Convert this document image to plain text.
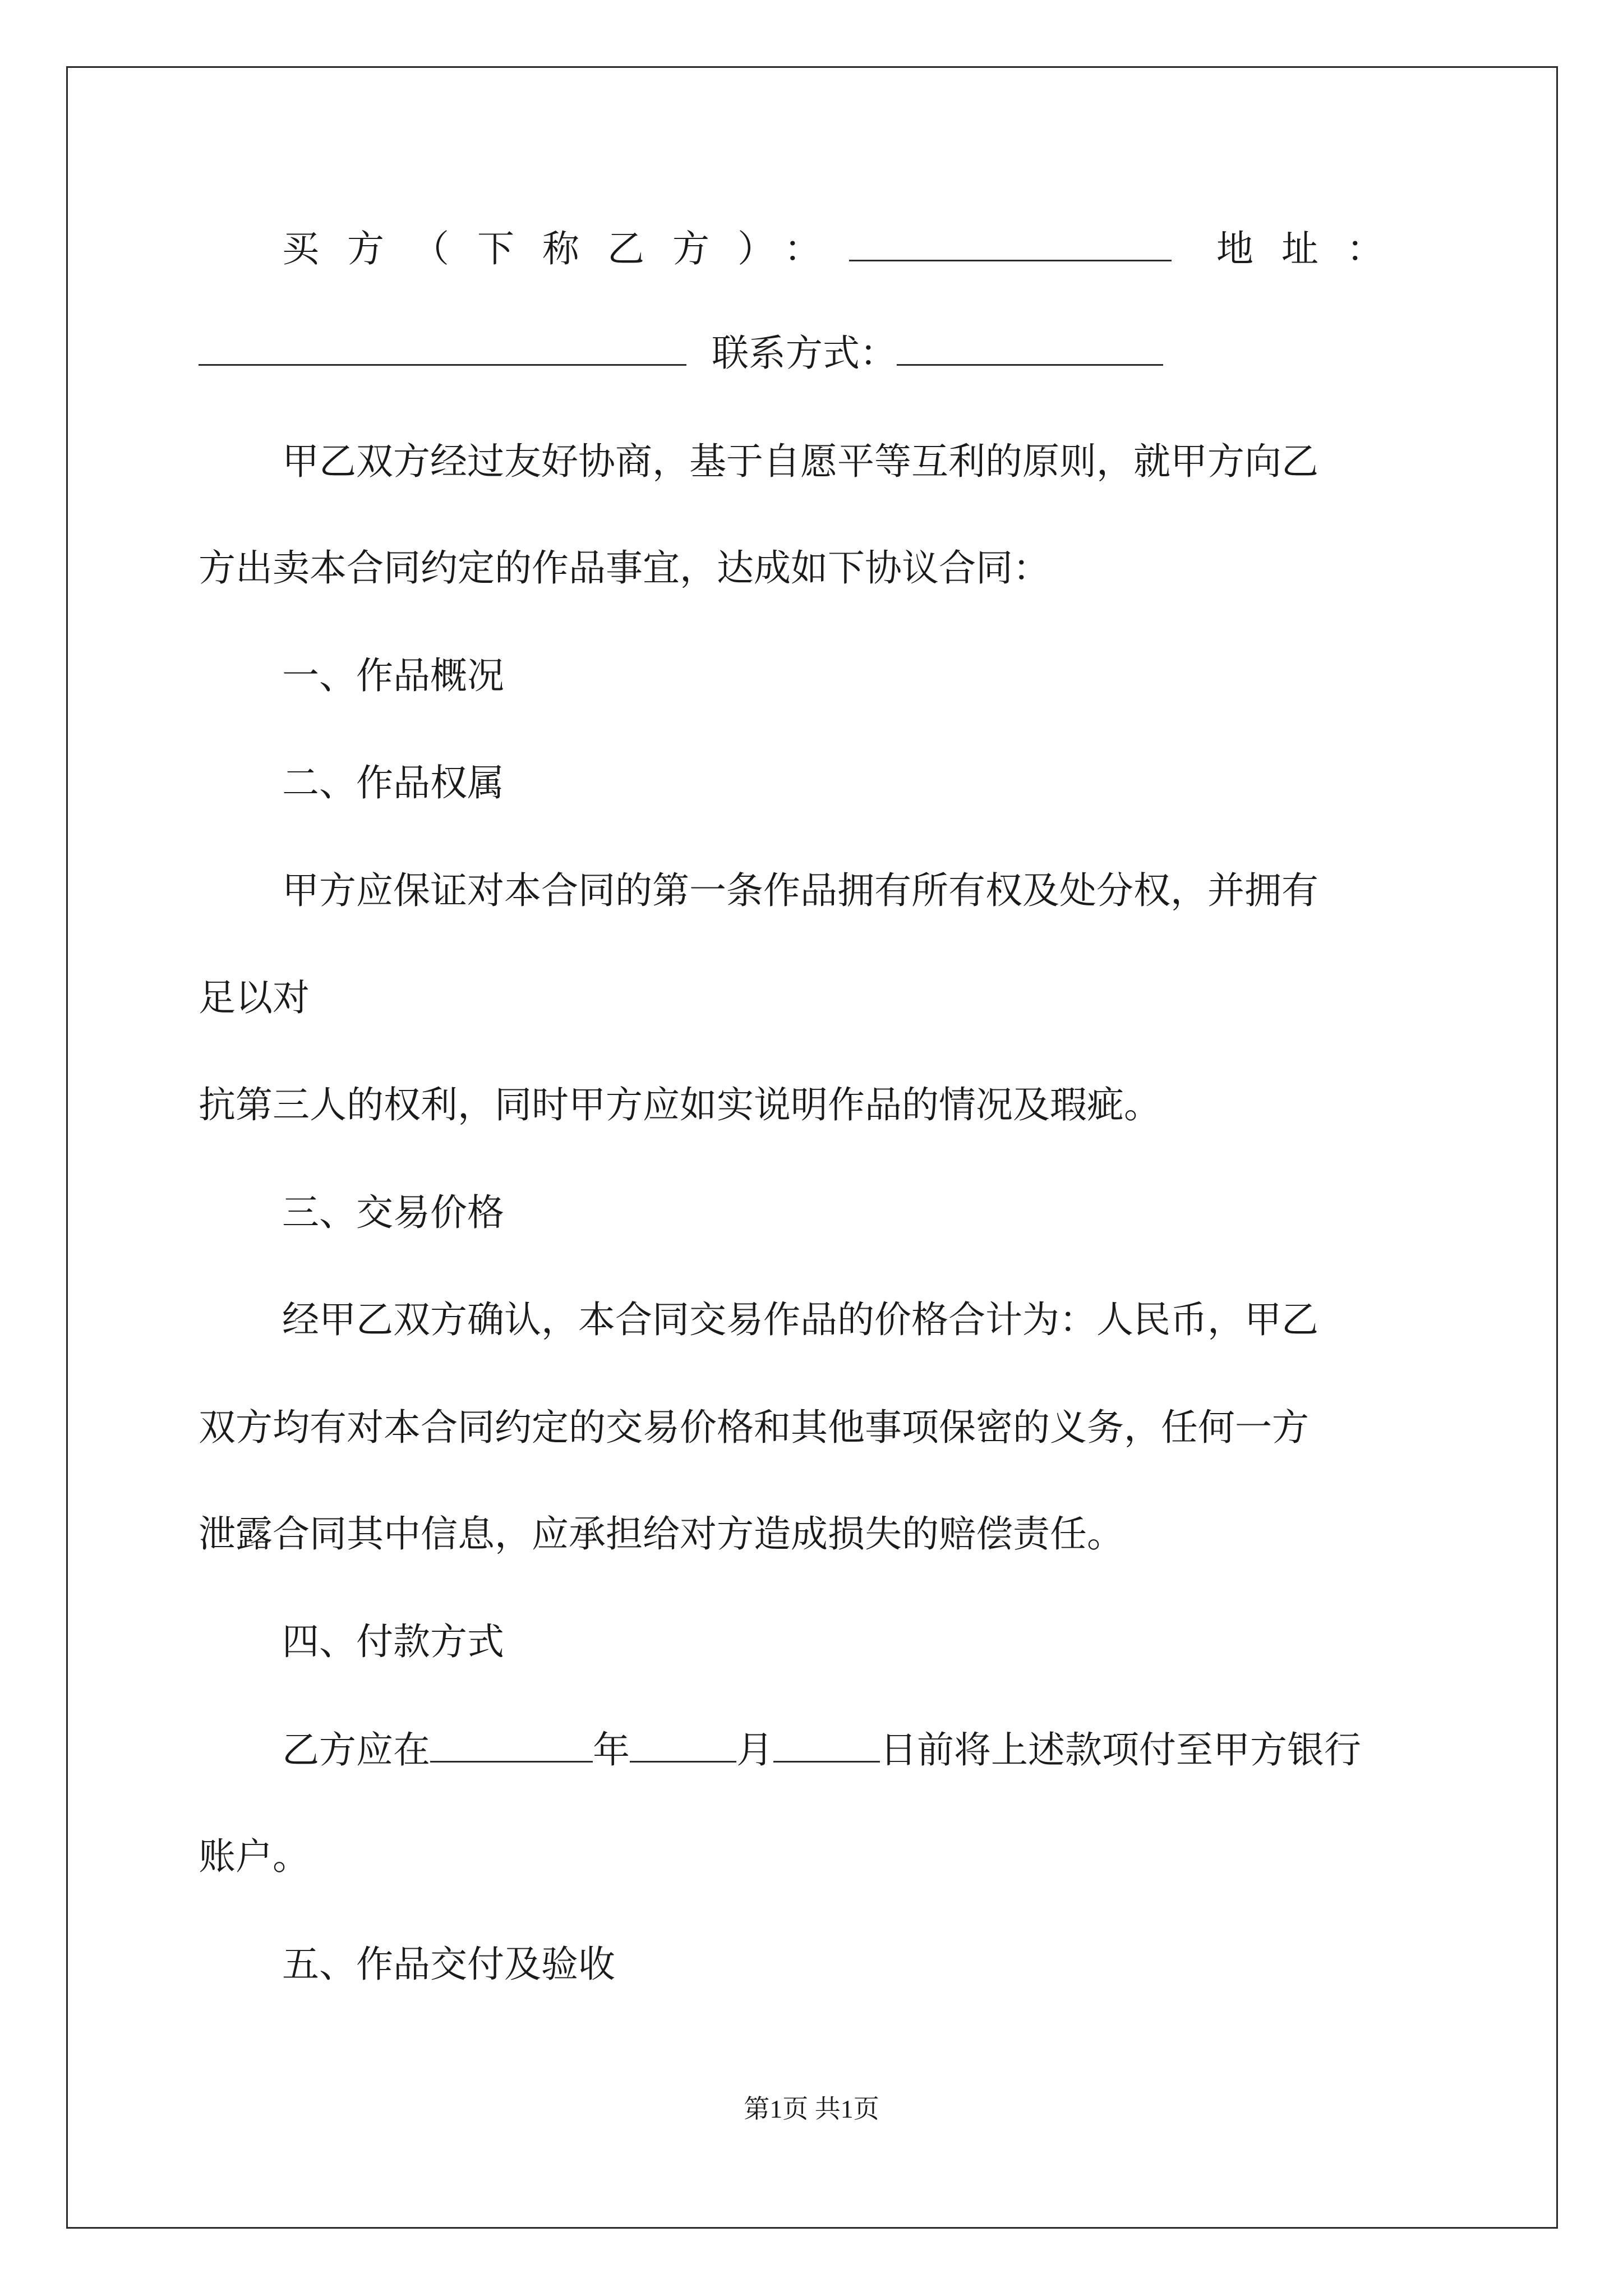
买方（下称乙方）：	地址：
联系方式：
甲乙双方经过友好协商，基于自愿平等互利的原则，就甲方向乙
方出卖本合同约定的作品事宜，达成如下协议合同：
一、作品概况
二、作品权属
甲方应保证对本合同的第一条作品拥有所有权及处分权，并拥有
足以对
抗第三人的权利，同时甲方应如实说明作品的情况及瑕疵。
三、交易价格
经甲乙双方确认，本合同交易作品的价格合计为：人民币，甲乙
双方均有对本合同约定的交易价格和其他事项保密的义务，任何一方
泄露合同其中信息，应承担给对方造成损失的赔偿责任。
四、付款方式
乙方应在	年	月	日前将上述款项付至甲方银行
账户。
五、作品交付及验收
第1页 共1页
